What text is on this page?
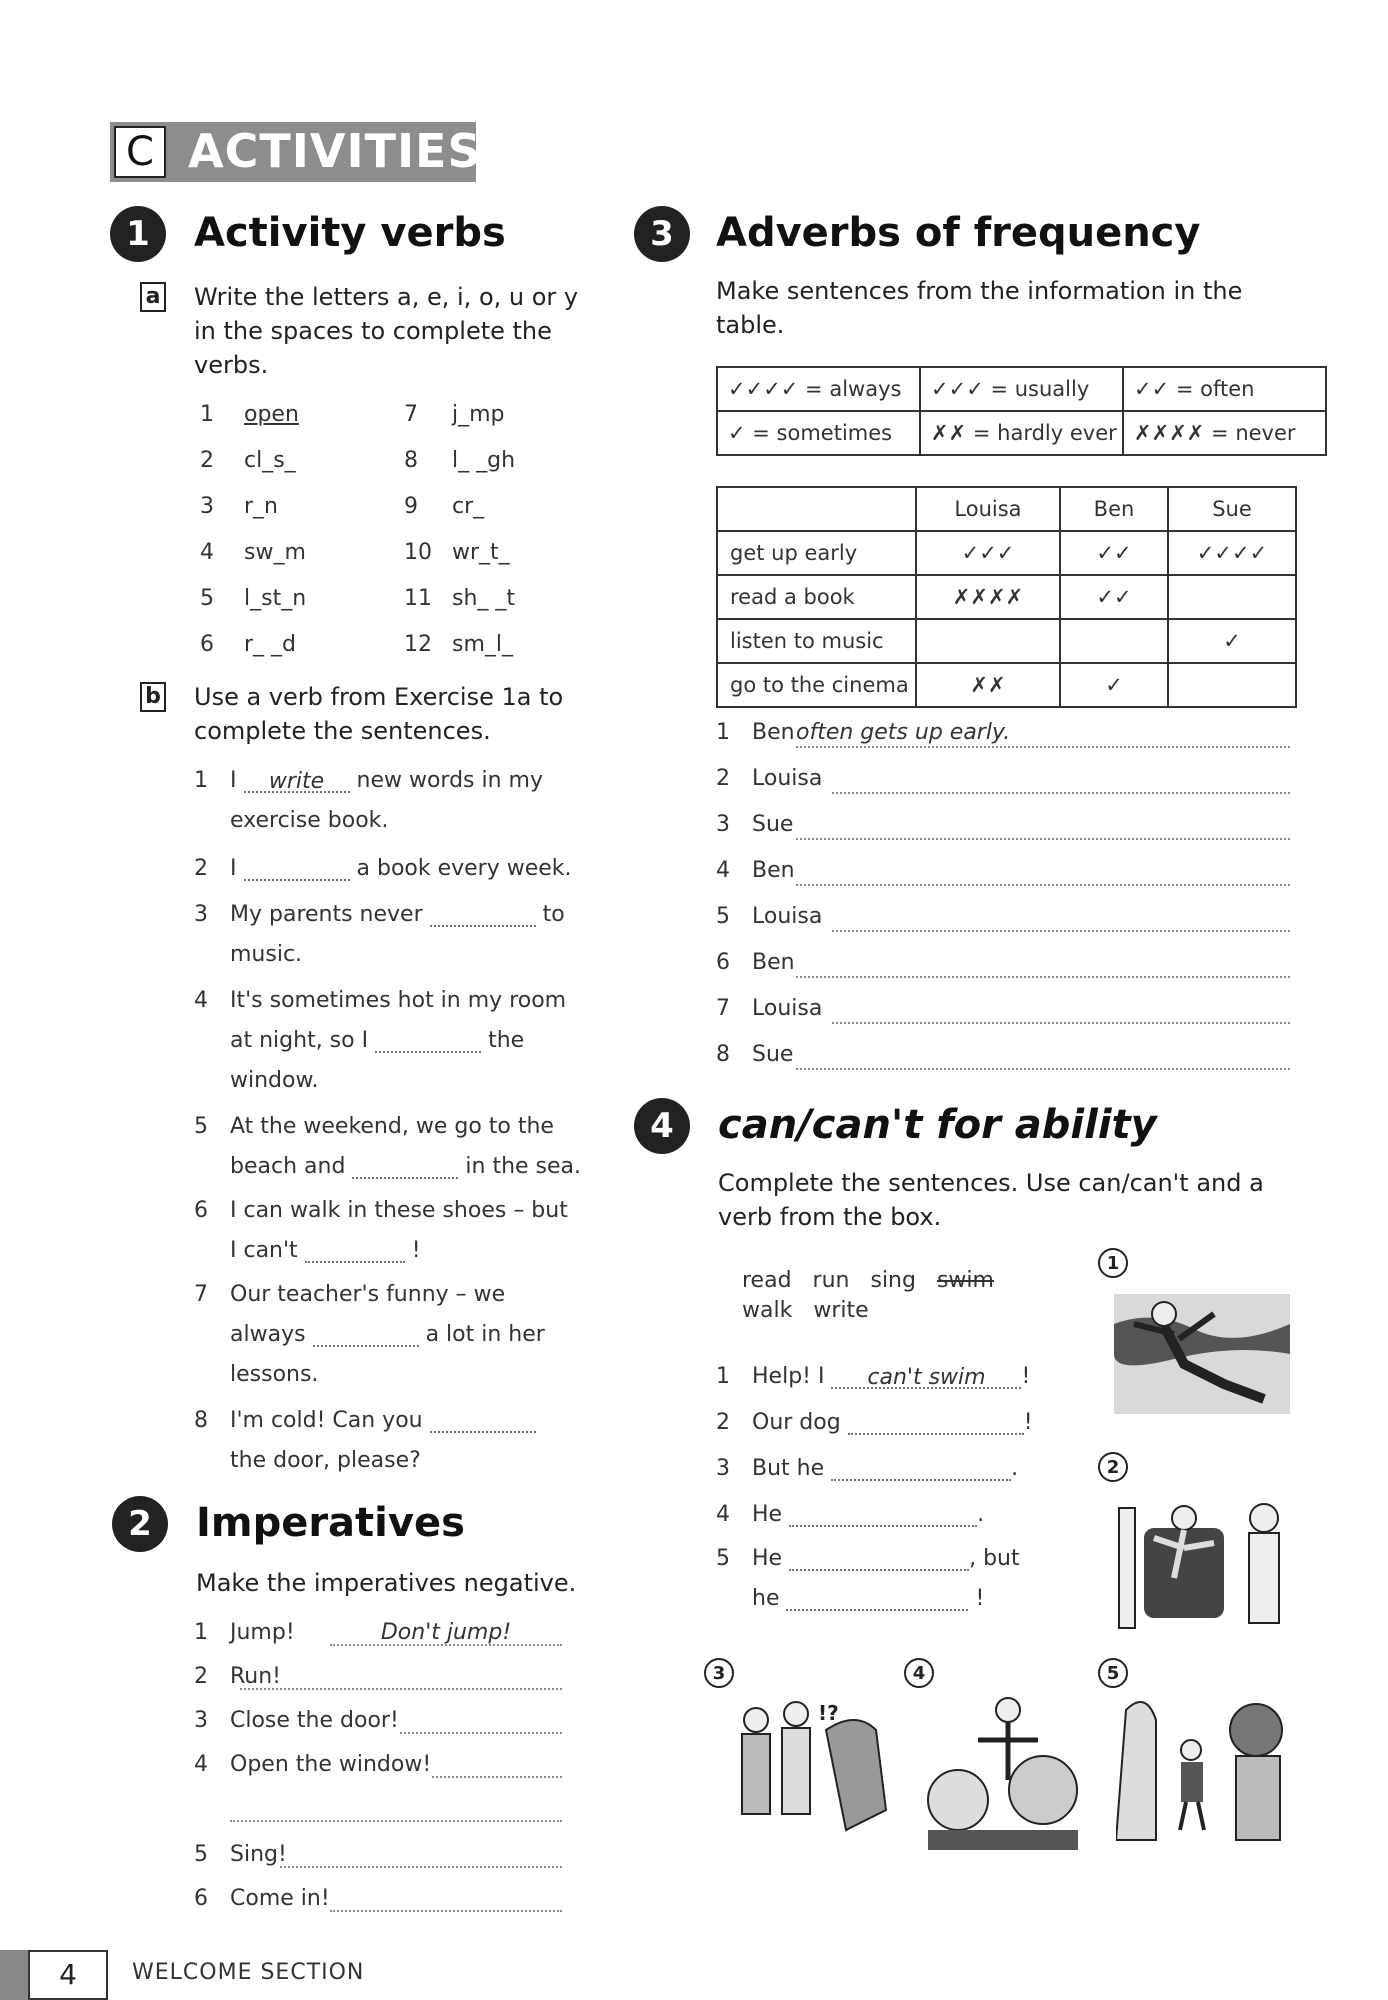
C ACTIVITIES
1	Activity verbs
a Write the letters a, e, i, o, u or y
in the spaces to complete the
verbs.
1 open
2 cl_s_
3 r_n
4 sw_m
5 l_st_n
6 r_ _d
7 j_mp
8 l_ _gh
9 cr_
10 wr_t_
11 sh_ _t
12 sm_l_
b Use a verb from Exercise 1a to
complete the sentences.
1 I write new words in my
exercise book.
2 I	a book every week.
3 My parents never	to
music.
4 It's sometimes hot in my room
at night, so I	the
window.
5 At the weekend, we go to the
beach and	in the sea.
6 I can walk in these shoes – but
I can't	!
7 Our teacher's funny – we
always	a lot in her
lessons.
8 I'm cold! Can you
the door, please?
2	Imperatives
Make the imperatives negative.
1 Jump!	Don't jump!
2 Run!
3 Close the door!
4 Open the window!
5 Sing!
6 Come in!
3	Adverbs of frequency
Make sentences from the information in the
table.
✓✓✓✓ = always	✓✓✓ = usually	✓✓ = often
✓ = sometimes	✗✗ = hardly ever	✗✗✗✗ = never
	Louisa	Ben	Sue
get up early	✓✓✓	✓✓	✓✓✓✓
read a book	✗✗✗✗	✓✓	
listen to music			✓
go to the cinema	✗✗	✓	
1 Ben often gets up early.
2 Louisa
3 Sue
4 Ben
5 Louisa
6 Ben
7 Louisa
8 Sue
4	can/can't for ability
Complete the sentences. Use can/can't and a
verb from the box.
read run sing swim
walk write
1 Help! I can't swim !
2 Our dog	!
3 But he	.
4 He	.
5 He	, but
he	!
1
2
3
!?
4	5
4	WELCOME SECTION
